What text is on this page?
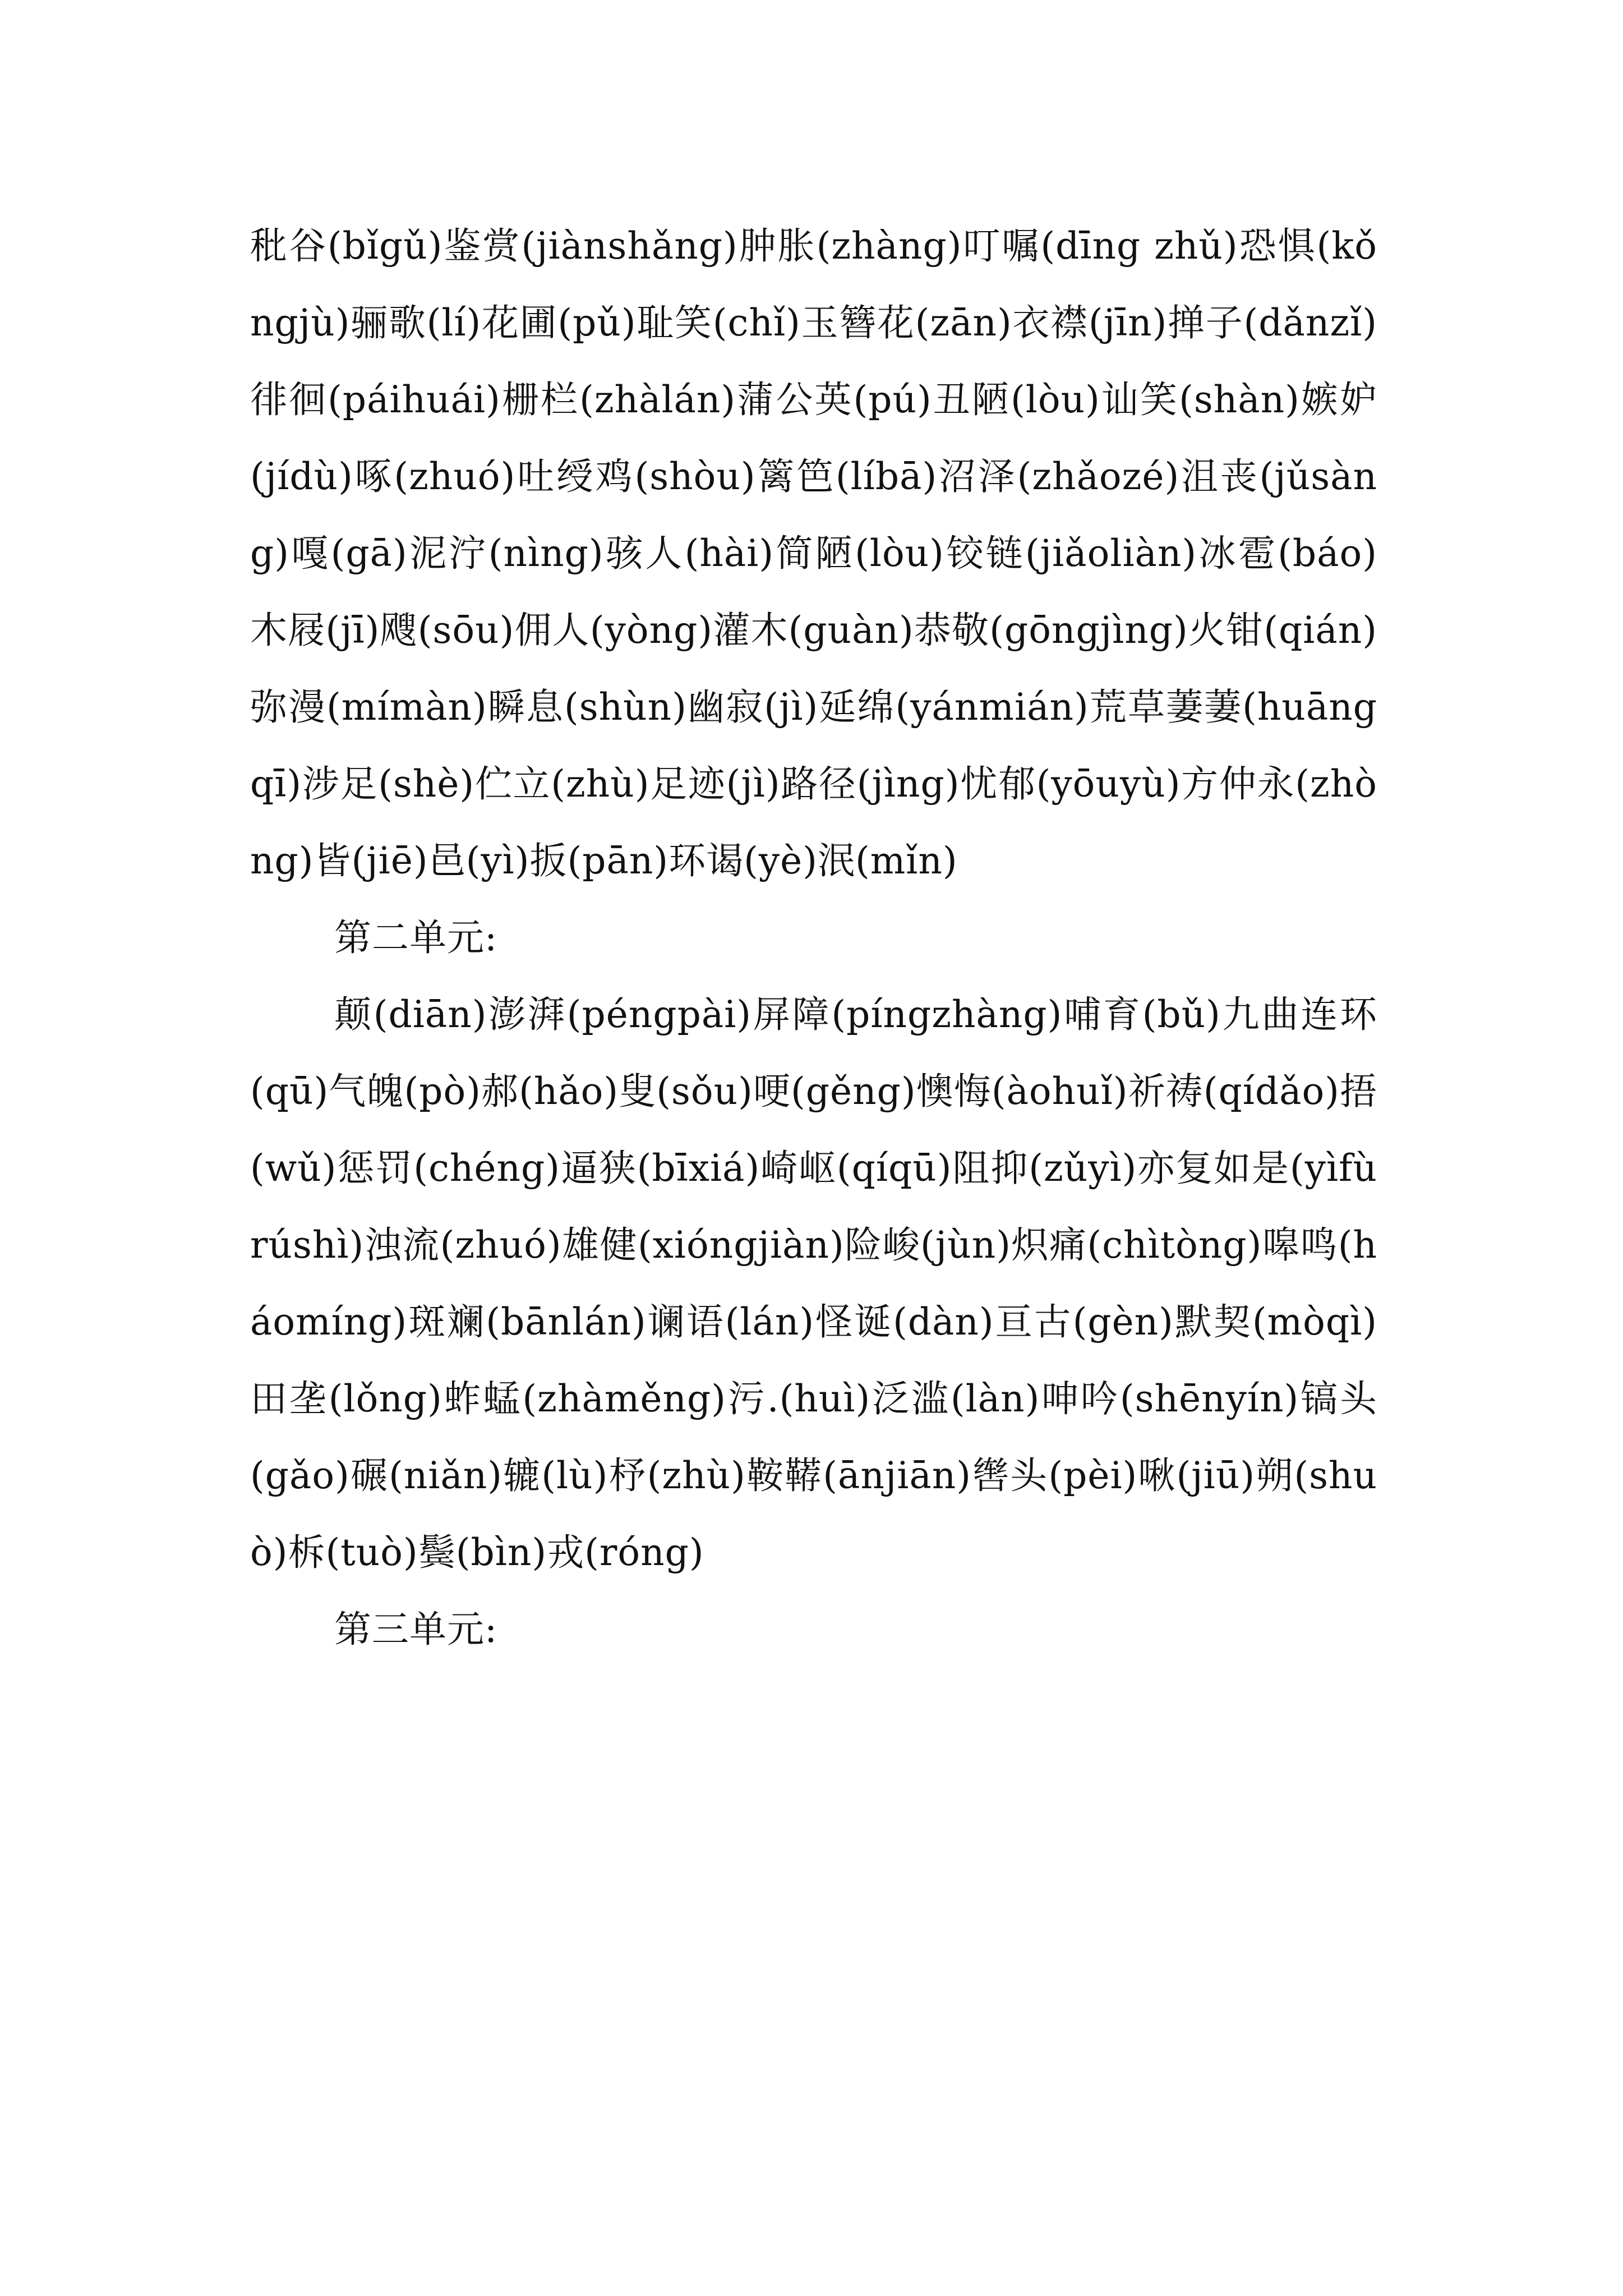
秕谷(bǐgǔ)鉴赏(jiànshǎng)肿胀(zhàng)叮嘱(dīng zhǔ)恐惧(kǒngjù)骊歌(lí)花圃(pǔ)耻笑(chǐ)玉簪花(zān)衣襟(jīn)掸子(dǎnzǐ)徘徊(páihuái)栅栏(zhàlán)蒲公英(pú)丑陋(lòu)讪笑(shàn)嫉妒(jídù)啄(zhuó)吐绶鸡(shòu)篱笆(líbā)沼泽(zhǎozé)沮丧(jǔsàng)嘎(gā)泥泞(nìng)骇人(hài)简陋(lòu)铰链(jiǎoliàn)冰雹(báo)木屐(jī)飕(sōu)佣人(yòng)灌木(guàn)恭敬(gōngjìng)火钳(qián)弥漫(mímàn)瞬息(shùn)幽寂(jì)延绵(yánmián)荒草萋萋(huāngqī)涉足(shè)伫立(zhù)足迹(jì)路径(jìng)忧郁(yōuyù)方仲永(zhòng)皆(jiē)邑(yì)扳(pān)环谒(yè)泯(mǐn)

第二单元:

颠(diān)澎湃(péngpài)屏障(píngzhàng)哺育(bǔ)九曲连环(qū)气魄(pò)郝(hǎo)叟(sǒu)哽(gěng)懊悔(àohuǐ)祈祷(qídǎo)捂(wǔ)惩罚(chéng)逼狭(bīxiá)崎岖(qíqū)阻抑(zǔyì)亦复如是(yìfùrúshì)浊流(zhuó)雄健(xióngjiàn)险峻(jùn)炽痛(chìtòng)嗥鸣(háomíng)斑斓(bānlán)谰语(lán)怪诞(dàn)亘古(gèn)默契(mòqì)田垄(lǒng)蚱蜢(zhàměng)污.(huì)泛滥(làn)呻吟(shēnyín)镐头(gǎo)碾(niǎn)辘(lù)杼(zhù)鞍鞯(ānjiān)辔头(pèi)啾(jiū)朔(shuò)柝(tuò)鬓(bìn)戎(róng)

第三单元:
